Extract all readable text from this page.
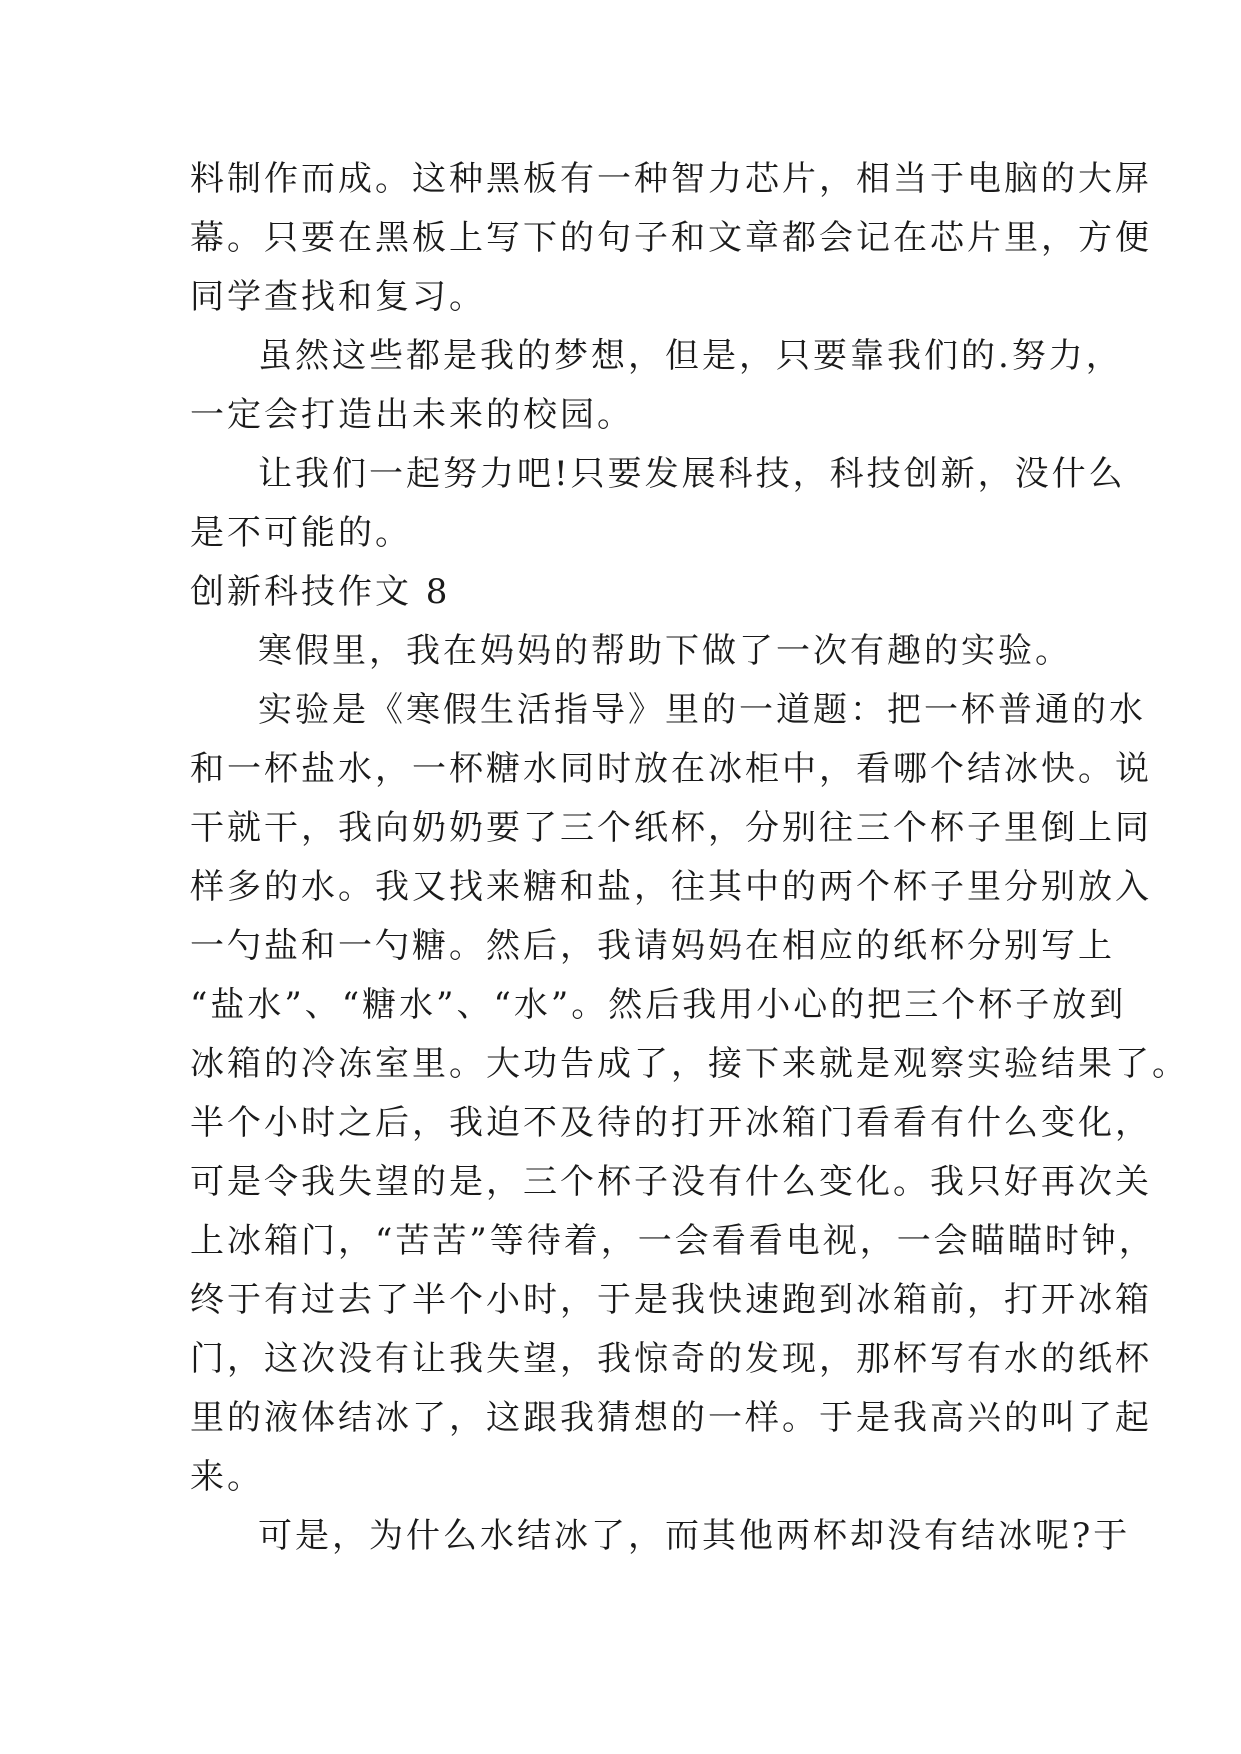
料制作而成。这种黑板有一种智力芯片，相当于电脑的大屏

幕。只要在黑板上写下的句子和文章都会记在芯片里，方便

同学查找和复习。

虽然这些都是我的梦想，但是，只要靠我们的.努力，

一定会打造出未来的校园。

让我们一起努力吧!只要发展科技，科技创新，没什么

是不可能的。

创新科技作文 8

寒假里，我在妈妈的帮助下做了一次有趣的实验。

实验是《寒假生活指导》里的一道题：把一杯普通的水

和一杯盐水，一杯糖水同时放在冰柜中，看哪个结冰快。说

干就干，我向奶奶要了三个纸杯，分别往三个杯子里倒上同

样多的水。我又找来糖和盐，往其中的两个杯子里分别放入

一勺盐和一勺糖。然后，我请妈妈在相应的纸杯分别写上

“盐水”、“糖水”、“水”。然后我用小心的把三个杯子放到

冰箱的冷冻室里。大功告成了，接下来就是观察实验结果了。

半个小时之后，我迫不及待的打开冰箱门看看有什么变化，

可是令我失望的是，三个杯子没有什么变化。我只好再次关

上冰箱门，“苦苦”等待着，一会看看电视，一会瞄瞄时钟，

终于有过去了半个小时，于是我快速跑到冰箱前，打开冰箱

门，这次没有让我失望，我惊奇的发现，那杯写有水的纸杯

里的液体结冰了，这跟我猜想的一样。于是我高兴的叫了起

来。

可是，为什么水结冰了，而其他两杯却没有结冰呢?于
